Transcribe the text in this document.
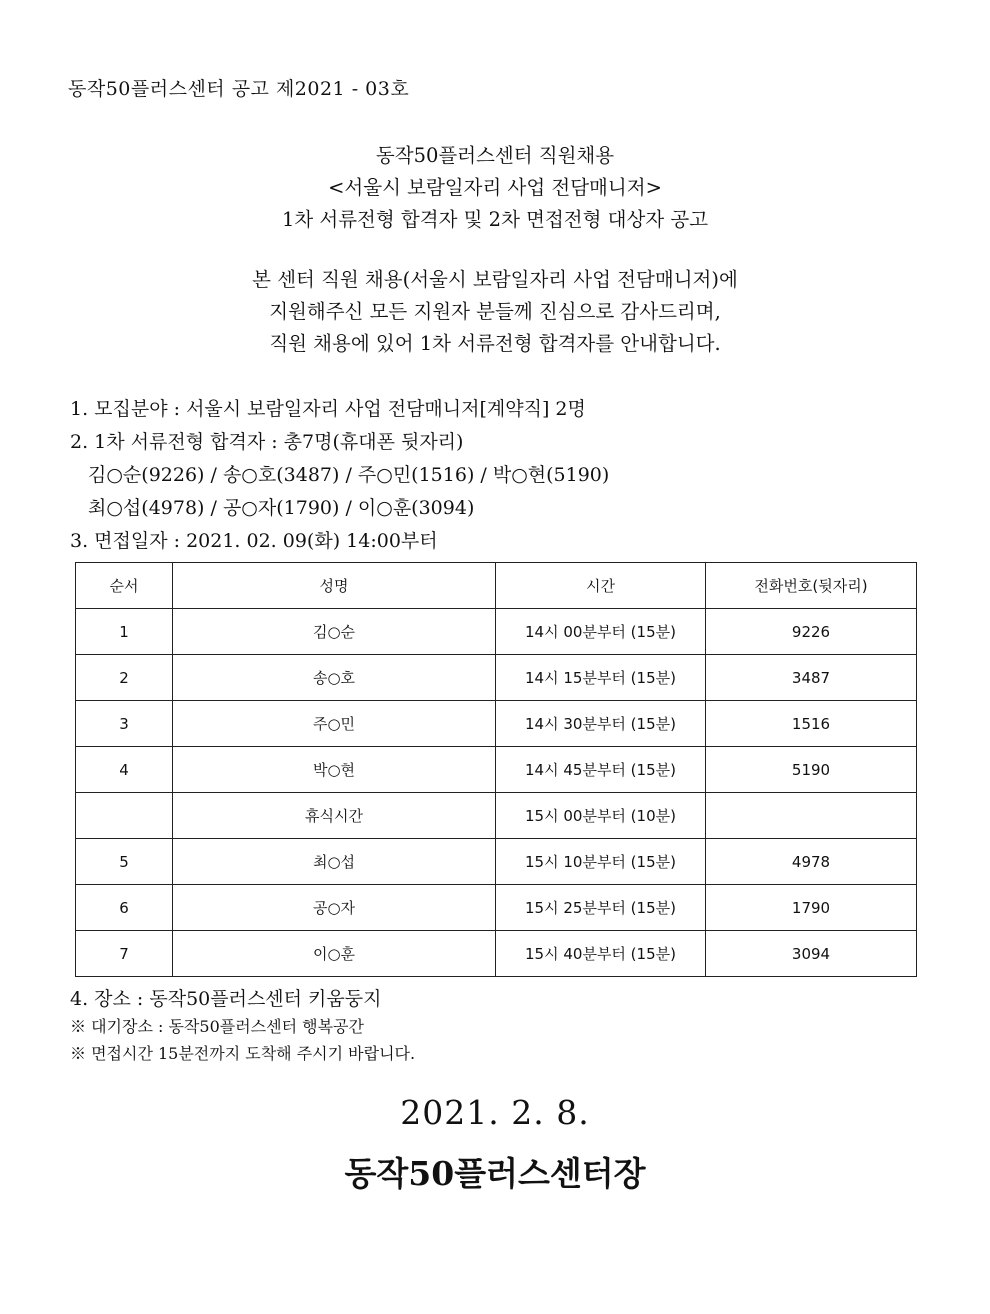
동작50플러스센터 공고 제2021 - 03호
동작50플러스센터 직원채용
<서울시 보람일자리 사업 전담매니저>
1차 서류전형 합격자 및 2차 면접전형 대상자 공고
본 센터 직원 채용(서울시 보람일자리 사업 전담매니저)에
지원해주신 모든 지원자 분들께 진심으로 감사드리며,
직원 채용에 있어 1차 서류전형 합격자를 안내합니다.
1. 모집분야 : 서울시 보람일자리 사업 전담매니저[계약직] 2명
2. 1차 서류전형 합격자 : 총7명(휴대폰 뒷자리)
김○순(9226) / 송○호(3487) / 주○민(1516) / 박○현(5190)
최○섭(4978) / 공○자(1790) / 이○훈(3094)
3. 면접일자 : 2021. 02. 09(화) 14:00부터
순서	성명	시간	전화번호(뒷자리)
1	김○순	14시 00분부터 (15분)	9226
2	송○호	14시 15분부터 (15분)	3487
3	주○민	14시 30분부터 (15분)	1516
4	박○현	14시 45분부터 (15분)	5190
	휴식시간	15시 00분부터 (10분)	
5	최○섭	15시 10분부터 (15분)	4978
6	공○자	15시 25분부터 (15분)	1790
7	이○훈	15시 40분부터 (15분)	3094
4. 장소 : 동작50플러스센터 키움둥지
※ 대기장소 : 동작50플러스센터 행복공간
※ 면접시간 15분전까지 도착해 주시기 바랍니다.
2021. 2. 8.
동작50플러스센터장
